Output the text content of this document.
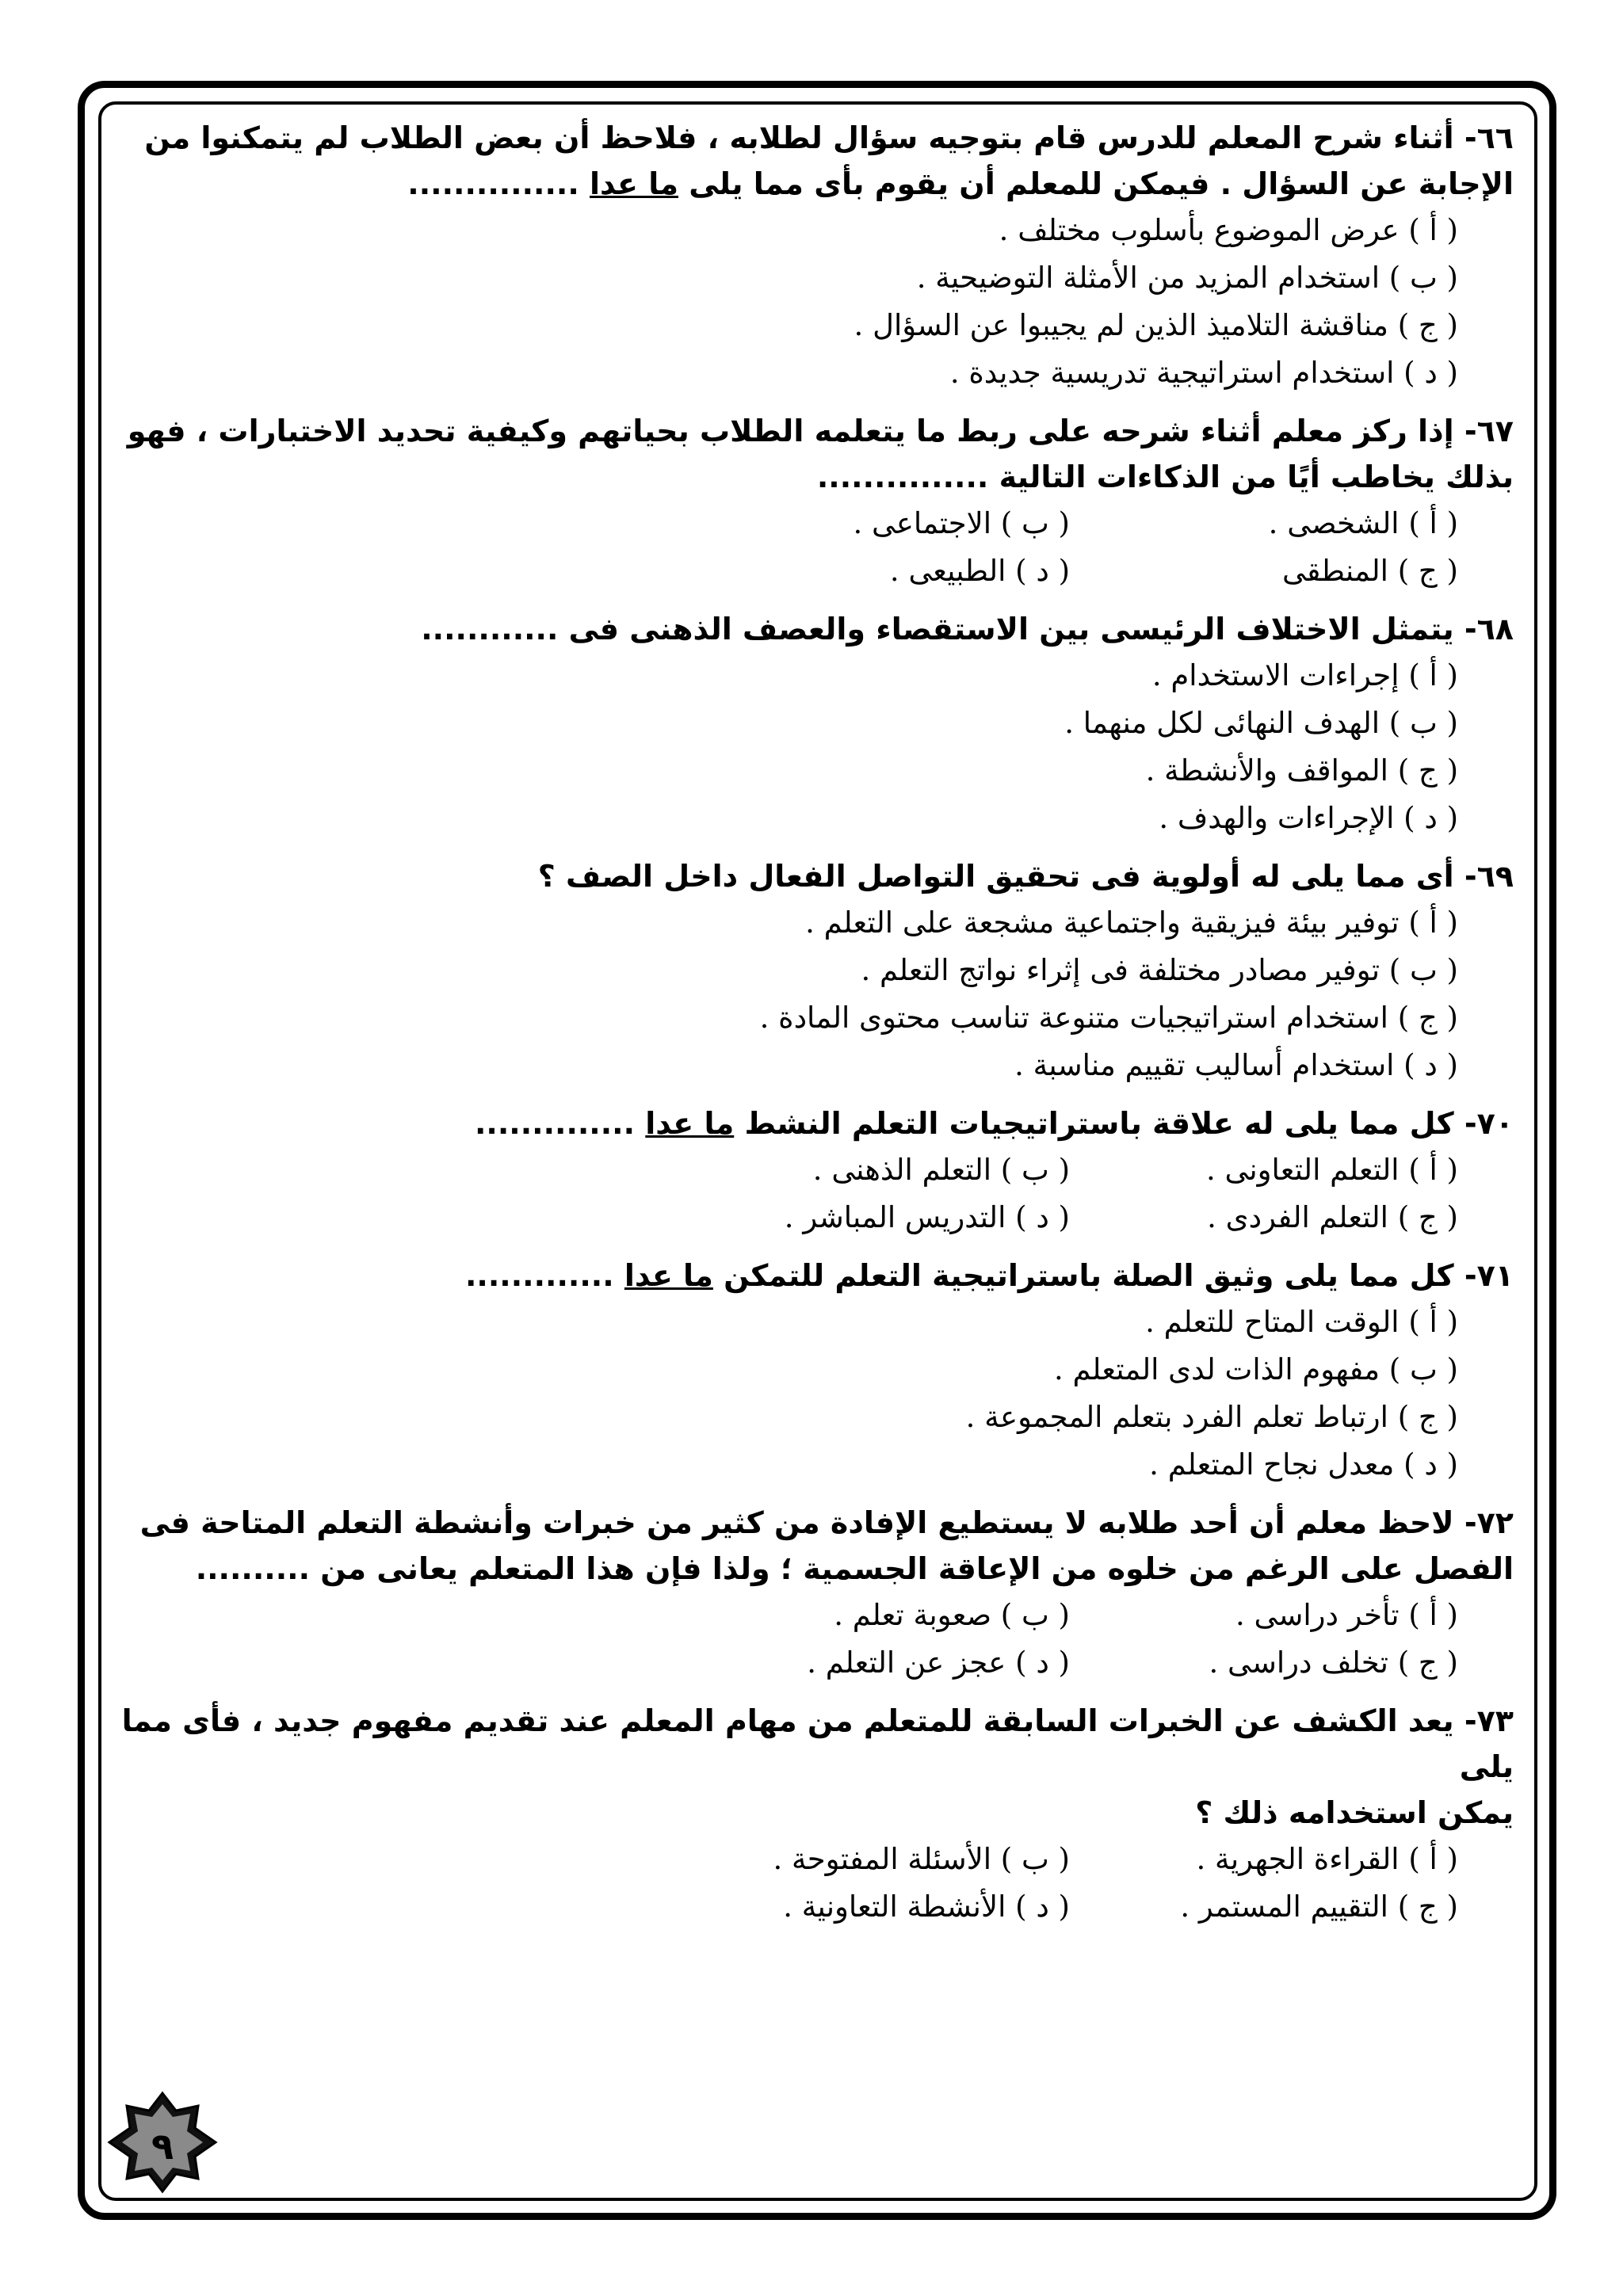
٦٦- أثناء شرح المعلم للدرس قام بتوجيه سؤال لطلابه ، فلاحظ أن بعض الطلاب لم يتمكنوا من
الإجابة عن السؤال . فيمكن للمعلم أن يقوم بأى مما يلى ما عدا ...............
( أ ) عرض الموضوع بأسلوب مختلف .
( ب ) استخدام المزيد من الأمثلة التوضيحية .
( ج ) مناقشة التلاميذ الذين لم يجيبوا عن السؤال .
( د ) استخدام استراتيجية تدريسية جديدة .
٦٧- إذا ركز معلم أثناء شرحه على ربط ما يتعلمه الطلاب بحياتهم وكيفية تحديد الاختبارات ، فهو
بذلك يخاطب أيًا من الذكاءات التالية ...............
( أ ) الشخصى .
( ب ) الاجتماعى .
( ج ) المنطقى
( د ) الطبيعى .
٦٨- يتمثل الاختلاف الرئيسى بين الاستقصاء والعصف الذهنى فى ............
( أ ) إجراءات الاستخدام .
( ب ) الهدف النهائى لكل منهما .
( ج ) المواقف والأنشطة .
( د ) الإجراءات والهدف .
٦٩- أى مما يلى له أولوية فى تحقيق التواصل الفعال داخل الصف ؟
( أ ) توفير بيئة فيزيقية واجتماعية مشجعة على التعلم .
( ب ) توفير مصادر مختلفة فى إثراء نواتج التعلم .
( ج ) استخدام استراتيجيات متنوعة تناسب محتوى المادة .
( د ) استخدام أساليب تقييم مناسبة .
٧٠- كل مما يلى له علاقة باستراتيجيات التعلم النشط ما عدا ..............
( أ ) التعلم التعاونى .
( ب ) التعلم الذهنى .
( ج ) التعلم الفردى .
( د ) التدريس المباشر .
٧١- كل مما يلى وثيق الصلة باستراتيجية التعلم للتمكن ما عدا .............
( أ ) الوقت المتاح للتعلم .
( ب ) مفهوم الذات لدى المتعلم .
( ج ) ارتباط تعلم الفرد بتعلم المجموعة .
( د ) معدل نجاح المتعلم .
٧٢- لاحظ معلم أن أحد طلابه لا يستطيع الإفادة من كثير من خبرات وأنشطة التعلم المتاحة فى
الفصل على الرغم من خلوه من الإعاقة الجسمية ؛ ولذا فإن هذا المتعلم يعانى من ..........
( أ ) تأخر دراسى .
( ب ) صعوبة تعلم .
( ج ) تخلف دراسى .
( د ) عجز عن التعلم .
٧٣- يعد الكشف عن الخبرات السابقة للمتعلم من مهام المعلم عند تقديم مفهوم جديد ، فأى مما يلى
يمكن استخدامه ذلك ؟
( أ ) القراءة الجهرية .
( ب ) الأسئلة المفتوحة .
( ج ) التقييم المستمر .
( د ) الأنشطة التعاونية .
٩
